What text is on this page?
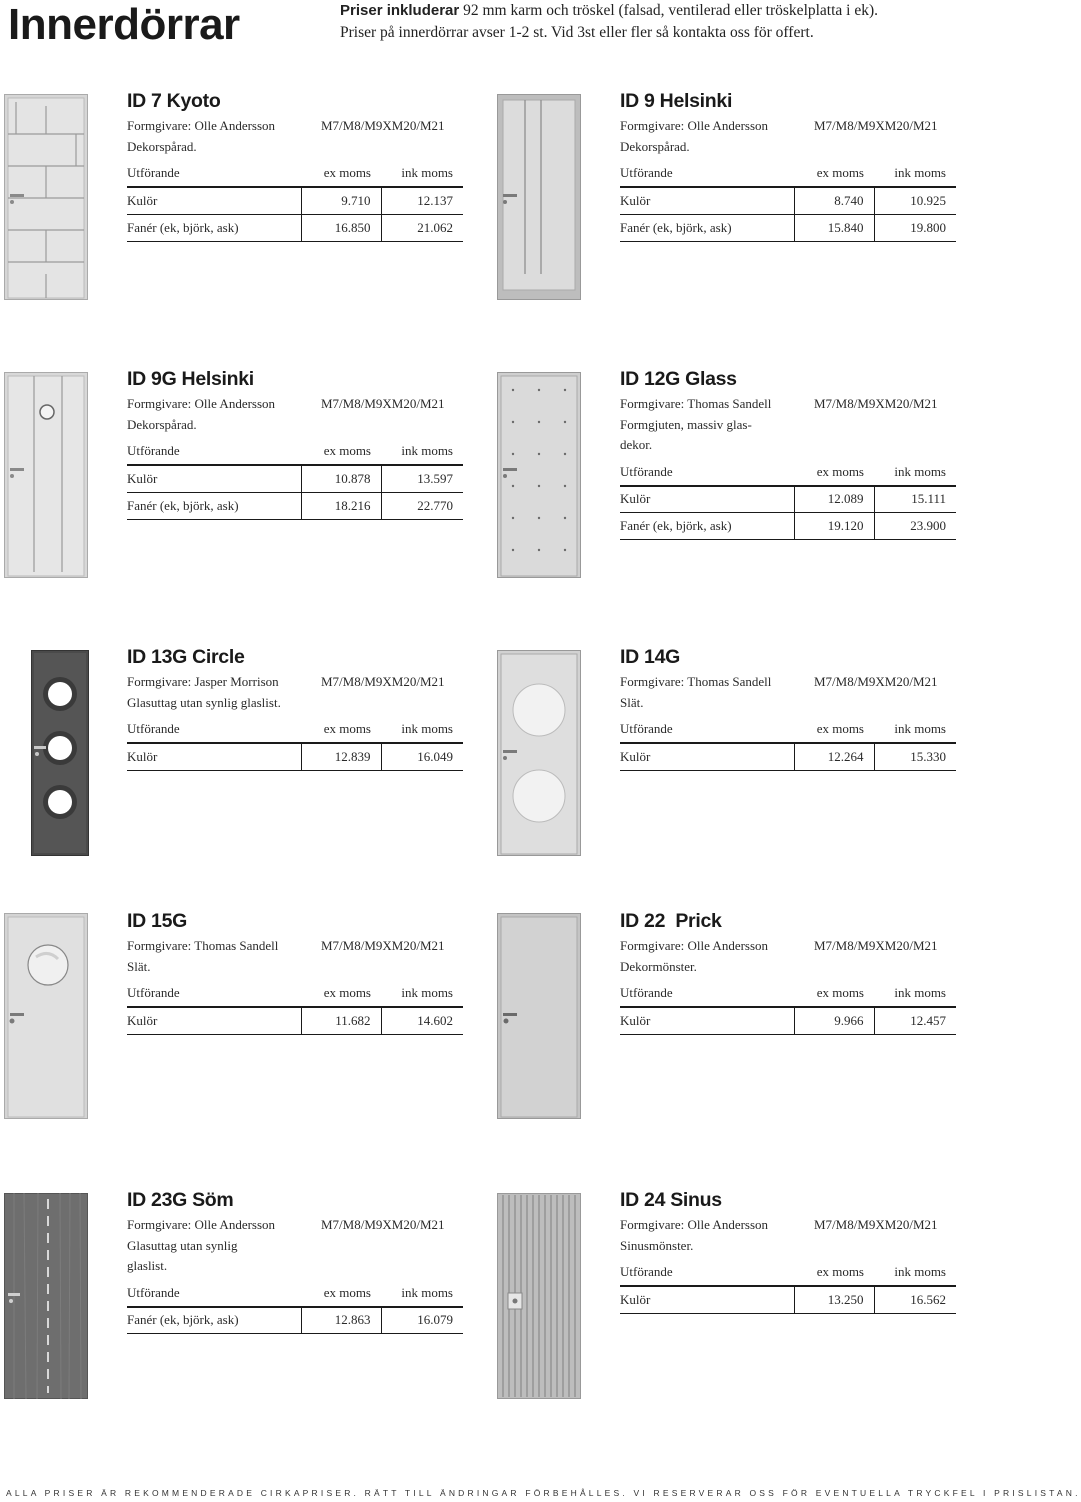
Innerdörrar	Priser inkluderar 92 mm karm och tröskel (falsad, ventilerad eller tröskelplatta i ek).
Priser på innerdörrar avser 1-2 st. Vid 3st eller fler så kontakta oss för offert.
ID 7 Kyoto
Formgivare: Olle Andersson	M7/M8/M9XM20/M21
Dekorspårad.
Utförande	ex moms	ink moms
Kulör	9.710	12.137
Fanér (ek, björk, ask)	16.850	21.062
ID 9 Helsinki
Formgivare: Olle Andersson	M7/M8/M9XM20/M21
Dekorspårad.
Utförande	ex moms	ink moms
Kulör	8.740	10.925
Fanér (ek, björk, ask)	15.840	19.800
ID 9G Helsinki
Formgivare: Olle Andersson	M7/M8/M9XM20/M21
Dekorspårad.
Utförande	ex moms	ink moms
Kulör	10.878	13.597
Fanér (ek, björk, ask)	18.216	22.770
ID 12G Glass
Formgivare: Thomas Sandell	M7/M8/M9XM20/M21
Formgjuten, massiv glas-dekor.
Utförande	ex moms	ink moms
Kulör	12.089	15.111
Fanér (ek, björk, ask)	19.120	23.900
ID 13G Circle
Formgivare: Jasper Morrison	M7/M8/M9XM20/M21
Glasuttag utan synlig glaslist.
Utförande	ex moms	ink moms
Kulör	12.839	16.049
ID 14G
Formgivare: Thomas Sandell	M7/M8/M9XM20/M21
Slät.
Utförande	ex moms	ink moms
Kulör	12.264	15.330
ID 15G
Formgivare: Thomas Sandell	M7/M8/M9XM20/M21
Slät.
Utförande	ex moms	ink moms
Kulör	11.682	14.602
ID 22  Prick
Formgivare: Olle Andersson	M7/M8/M9XM20/M21
Dekormönster.
Utförande	ex moms	ink moms
Kulör	9.966	12.457
ID 23G Söm
Formgivare: Olle Andersson	M7/M8/M9XM20/M21
Glasuttag utan synlig glaslist.
Utförande	ex moms	ink moms
Fanér (ek, björk, ask)	12.863	16.079
ID 24 Sinus
Formgivare: Olle Andersson	M7/M8/M9XM20/M21
Sinusmönster.
Utförande	ex moms	ink moms
Kulör	13.250	16.562
ALLA PRISER ÄR REKOMMENDERADE CIRKAPRISER. RÄTT TILL ÄNDRINGAR FÖRBEHÅLLES. VI RESERVERAR OSS FÖR EVENTUELLA TRYCKFEL I PRISLISTAN.
